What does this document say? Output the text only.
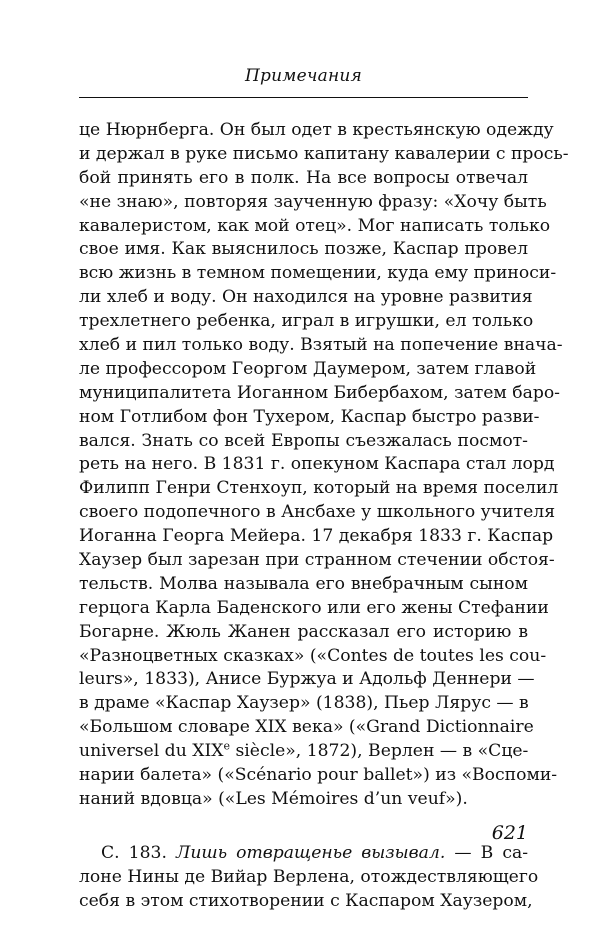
Примечания
це Нюрнберга. Он был одет в крестьянскую одежду
и держал в руке письмо капитану кавалерии с прось-
бой принять его в полк. На все вопросы отвечал
«не знаю», повторяя заученную фразу: «Хочу быть
кавалеристом, как мой отец». Мог написать только
свое имя. Как выяснилось позже, Каспар провел
всю жизнь в темном помещении, куда ему приноси-
ли хлеб и воду. Он находился на уровне развития
трехлетнего ребенка, играл в игрушки, ел только
хлеб и пил только воду. Взятый на попечение внача-
ле профессором Георгом Даумером, затем главой
муниципалитета Иоганном Бибербахом, затем баро-
ном Готлибом фон Тухером, Каспар быстро разви-
вался. Знать со всей Европы съезжалась посмот-
реть на него. В 1831 г. опекуном Каспара стал лорд
Филипп Генри Стенхоуп, который на время поселил
своего подопечного в Ансбахе у школьного учителя
Иоганна Георга Мейера. 17 декабря 1833 г. Каспар
Хаузер был зарезан при странном стечении обстоя-
тельств. Молва называла его внебрачным сыном
герцога Карла Баденского или его жены Стефании
Богарне. Жюль Жанен рассказал его историю в
«Разноцветных сказках» («Contes de toutes les cou-
leurs», 1833), Анисе Буржуа и Адольф Деннери —
в драме «Каспар Хаузер» (1838), Пьер Лярус — в
«Большом словаре XIX века» («Grand Dictionnaire
universel du XIXe siècle», 1872), Верлен — в «Сце-
нарии балета» («Scénario pour ballet») из «Воспоми-
наний вдовца» («Les Mémoires d’un veuf»).
С. 183. Лишь отвращенье вызывал. — В са-
лоне Нины де Вийар Верлена, отождествляющего
себя в этом стихотворении с Каспаром Хаузером,
621
